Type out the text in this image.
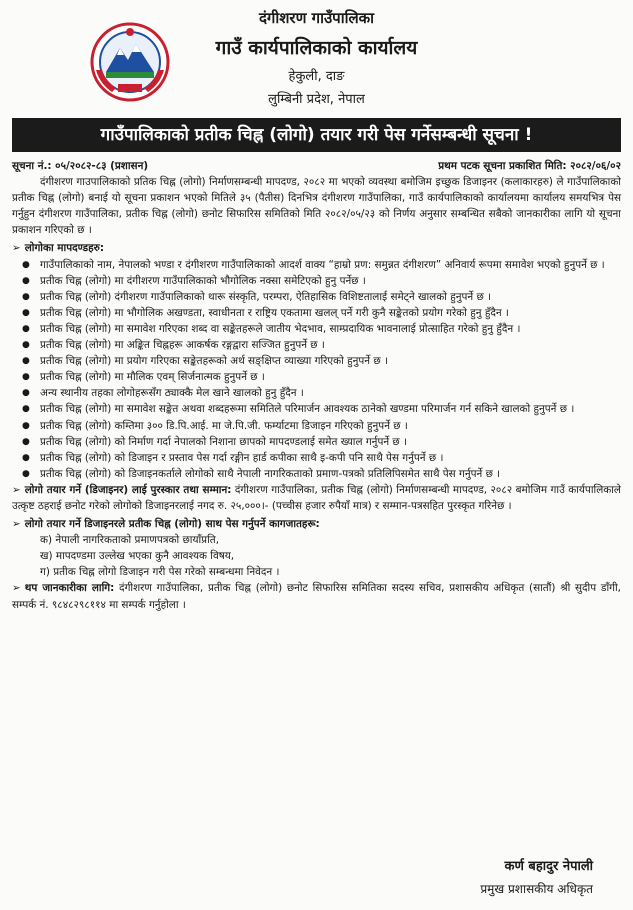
दंगीशरण गाउँपालिका
गाउँ कार्यपालिकाको कार्यालय
हेकुली, दाङ
लुम्बिनी प्रदेश, नेपाल
गाउँपालिकाको प्रतीक चिह्न (लोगो) तयार गरी पेस गर्नेसम्बन्धी सूचना !
सूचना नं.: ०५/२०८२-८३ (प्रशासन)	प्रथम पटक सूचना प्रकाशित मिति: २०८२/०६/०२

दंगीशरण गाउपालिकाको प्रतिक चिह्न (लोगो) निर्माणसम्बन्धी मापदण्ड, २०८२ मा भएको व्यवस्था बमोजिम इच्छुक डिजाइनर (कलाकारहरु) ले गाउँपालिकाको प्रतीक चिह्न (लोगो) बनाई यो सूचना प्रकाशन भएको मितिले ३५ (पैतीस) दिनभित्र दंगीशरण गाउँपालिका, गाउँ कार्यपालिकाको कार्यालयमा कार्यालय समयभित्र पेस गर्नुहुन दंगीशरण गाउँपालिका, प्रतीक चिह्न (लोगो) छनोट सिफारिस समितिको मिति २०८२/०५/२३ को निर्णय अनुसार सम्बन्धित सबैको जानकारीका लागि यो सूचना प्रकाशन गरिएको छ ।

➢ लोगोका मापदण्डहरु:
● गाउँपालिकाको नाम, नेपालको भण्डा र दंगीशरण गाउँपालिकाको आदर्श वाक्य “हाम्रो प्रण: समुन्नत दंगीशरण” अनिवार्य रूपमा समावेश भएको हुनुपर्ने छ ।
● प्रतीक चिह्न (लोगो) मा दंगीशरण गाउँपालिकाको भौगोलिक नक्सा समेटिएको हुनु पर्नेछ ।
● प्रतीक चिह्न (लोगो) दंगीशरण गाउँपालिकाको थारू संस्कृति, परम्परा, ऐतिहासिक विशिष्टतालाई समेट्ने खालको हुनुपर्ने छ ।
● प्रतीक चिह्न (लोगो) मा भौगोलिक अखण्डता, स्वाधीनता र राष्ट्रिय एकतामा खलल् पर्ने गरी कुनै सङ्केतको प्रयोग गरेको हुनु हुँदैन ।
● प्रतीक चिह्न (लोगो) मा समावेश गरिएका शब्द वा सङ्केतहरूले जातीय भेदभाव, साम्प्रदायिक भावनालाई प्रोत्साहित गरेको हुनु हुँदैन ।
● प्रतीक चिह्न (लोगो) मा अङ्कित चिह्नहरू आकर्षक रङ्गद्वारा सज्जित हुनुपर्ने छ ।
● प्रतीक चिह्न (लोगो) मा प्रयोग गरिएका सङ्केतहरूको अर्थ सङ्क्षिप्त व्याख्या गरिएको हुनुपर्ने छ ।
● प्रतीक चिह्न (लोगो) मा मौलिक एवम् सिर्जनात्मक हुनुपर्ने छ ।
● अन्य स्थानीय तहका लोगोहरूसँग ठ्याक्कै मेल खाने खालको हुनु हुँदैन ।
● प्रतीक चिह्न (लोगो) मा समावेश सङ्केत अथवा शब्दहरूमा समितिले परिमार्जन आवश्यक ठानेको खण्डमा परिमार्जन गर्न सकिने खालको हुनुपर्ने छ ।
● प्रतीक चिह्न (लोगो) कम्तिमा ३०० डि.पि.आई. मा जे.पि.जी. फर्म्याटमा डिजाइन गरिएको हुनुपर्ने छ ।
● प्रतीक चिह्न (लोगो) को निर्माण गर्दा नेपालको निशाना छापको मापदण्डलाई समेत ख्याल गर्नुपर्ने छ ।
● प्रतीक चिह्न (लोगो) को डिजाइन र प्रस्ताव पेस गर्दा रङ्गीन हार्ड कपीका साथै इ-कपी पनि साथै पेस गर्नुपर्ने छ ।
● प्रतीक चिह्न (लोगो) को डिजाइनकर्ताले लोगोको साथै नेपाली नागरिकताको प्रमाण-पत्रको प्रतिलिपिसमेत साथै पेस गर्नुपर्ने छ ।

➢ लोगो तयार गर्ने (डिजाइनर) लाई पुरस्कार तथा सम्मान: दंगीशरण गाउँपालिका, प्रतीक चिह्न (लोगो) निर्माणसम्बन्धी मापदण्ड, २०८२ बमोजिम गाउँ कार्यपालिकाले उत्कृष्ट ठहराई छनोट गरेको लोगोको डिजाइनरलाई नगद रु. २५,०००।- (पच्चीस हजार रुपैयाँ मात्र) र सम्मान-पत्रसहित पुरस्कृत गरिनेछ ।

➢ लोगो तयार गर्ने डिजाइनरले प्रतीक चिह्न (लोगो) साथ पेस गर्नुपर्ने कागजातहरू:
क) नेपाली नागरिकताको प्रमाणपत्रको छायाँप्रति,
ख) मापदण्डमा उल्लेख भएका कुनै आवश्यक विषय,
ग) प्रतीक चिह्न लोगो डिजाइन गरी पेस गरेको सम्बन्धमा निवेदन ।

➢ थप जानकारीका लागि: दंगीशरण गाउँपालिका, प्रतीक चिह्न (लोगो) छनोट सिफारिस समितिका सदस्य सचिव, प्रशासकीय अधिकृत (सातौं) श्री सुदीप डाँगी, सम्पर्क नं. ९८४८२९८११४ मा सम्पर्क गर्नुहोला ।

कर्ण बहादुर नेपाली
प्रमुख प्रशासकीय अधिकृत
